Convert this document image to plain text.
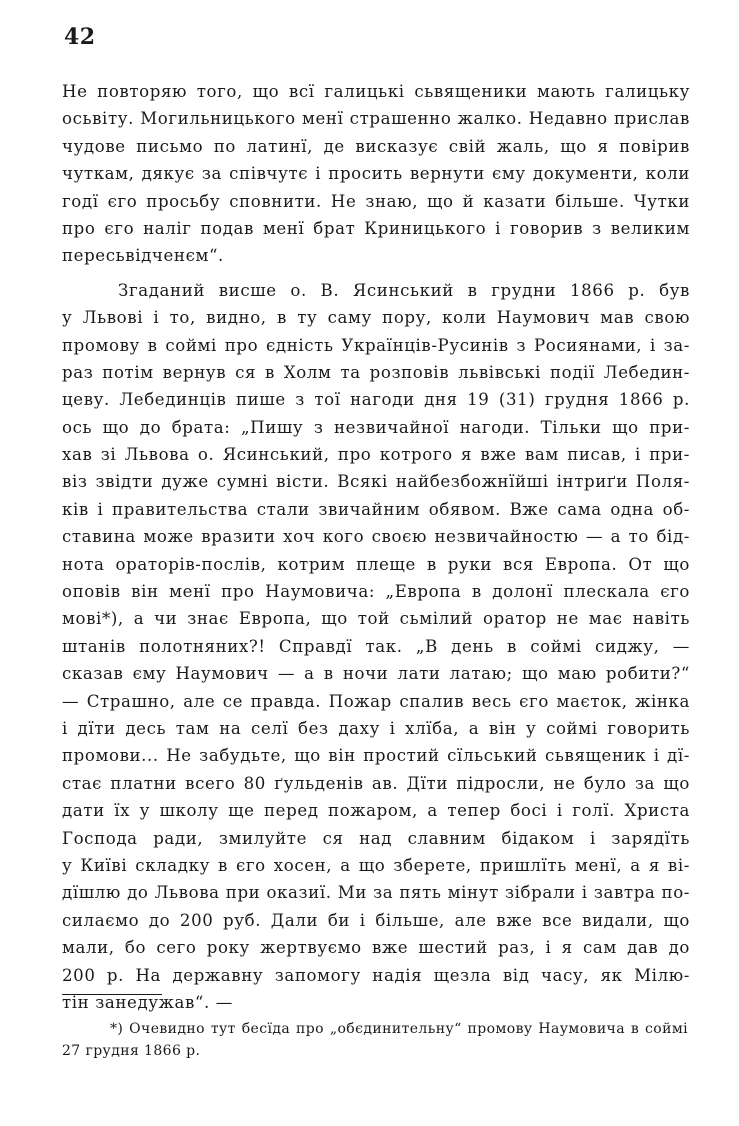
42
Не повторяю того, що всї галицькі сьвященики мають галицьку
осьвіту. Могильницького менї страшенно жалко. Недавно прислав
чудове письмо по латинї, де висказує свій жаль, що я повірив
чуткам, дякує за співчутє і просить вернути єму документи, коли
годї єго просьбу сповнити. Не знаю, що й казати більше. Чутки
про єго наліг подав менї брат Криницького і говорив з великим
пересьвідченєм“.
Згаданий висше о. В. Ясинський в грудни 1866 р. був
у Львові і то, видно, в ту саму пору, коли Наумович мав свою
промову в соймі про єдність Українців-Русинів з Росиянами, і за-
раз потім вернув ся в Холм та розповів львівські події Лебедин-
цеву. Лебединців пише з тої нагоди дня 19 (31) грудня 1866 р.
ось що до брата: „Пишу з незвичайної нагоди. Тільки що при-
хав зі Львова о. Ясинський, про котрого я вже вам писав, і при-
віз звідти дуже сумні вісти. Всякі найбезбожнїйші інтриґи Поля-
ків і правительства стали звичайним обявом. Вже сама одна об-
ставина може вразити хоч кого своєю незвичайностю — а то бід-
нота ораторів-послів, котрим плеще в руки вся Европа. От що
оповів він менї про Наумовича: „Европа в долонї плескала єго
мові*), а чи знає Европа, що той сьмілий оратор не має навіть
штанів полотняних?! Справдї так. „В день в соймі сиджу, —
сказав єму Наумович — а в ночи лати латаю; що маю робити?“
— Страшно, але се правда. Пожар спалив весь єго маєток, жінка
і дїти десь там на селї без даху і хлїба, а він у соймі говорить
промови... Не забудьте, що він простий сїльський сьвященик і дї-
стає платни всего 80 ґульденів ав. Дїти підросли, не було за що
дати їх у школу ще перед пожаром, а тепер босі і голї. Христа
Господа ради, змилуйте ся над славним бідаком і зарядїть
у Київі складку в єго хосен, а що зберете, пришлїть менї, а я ві-
дїшлю до Львова при оказиї. Ми за пять мінут зібрали і завтра по-
силаємо до 200 руб. Дали би і більше, але вже все видали, що
мали, бо сего року жертвуємо вже шестий раз, і я сам дав до
200 р. На державну запомогу надія щезла від часу, як Мілю-
тін занедужав“. —
*) Очевидно тут бесїда про „обєдинительну“ промову Наумовича в соймі
27 грудня 1866 р.
